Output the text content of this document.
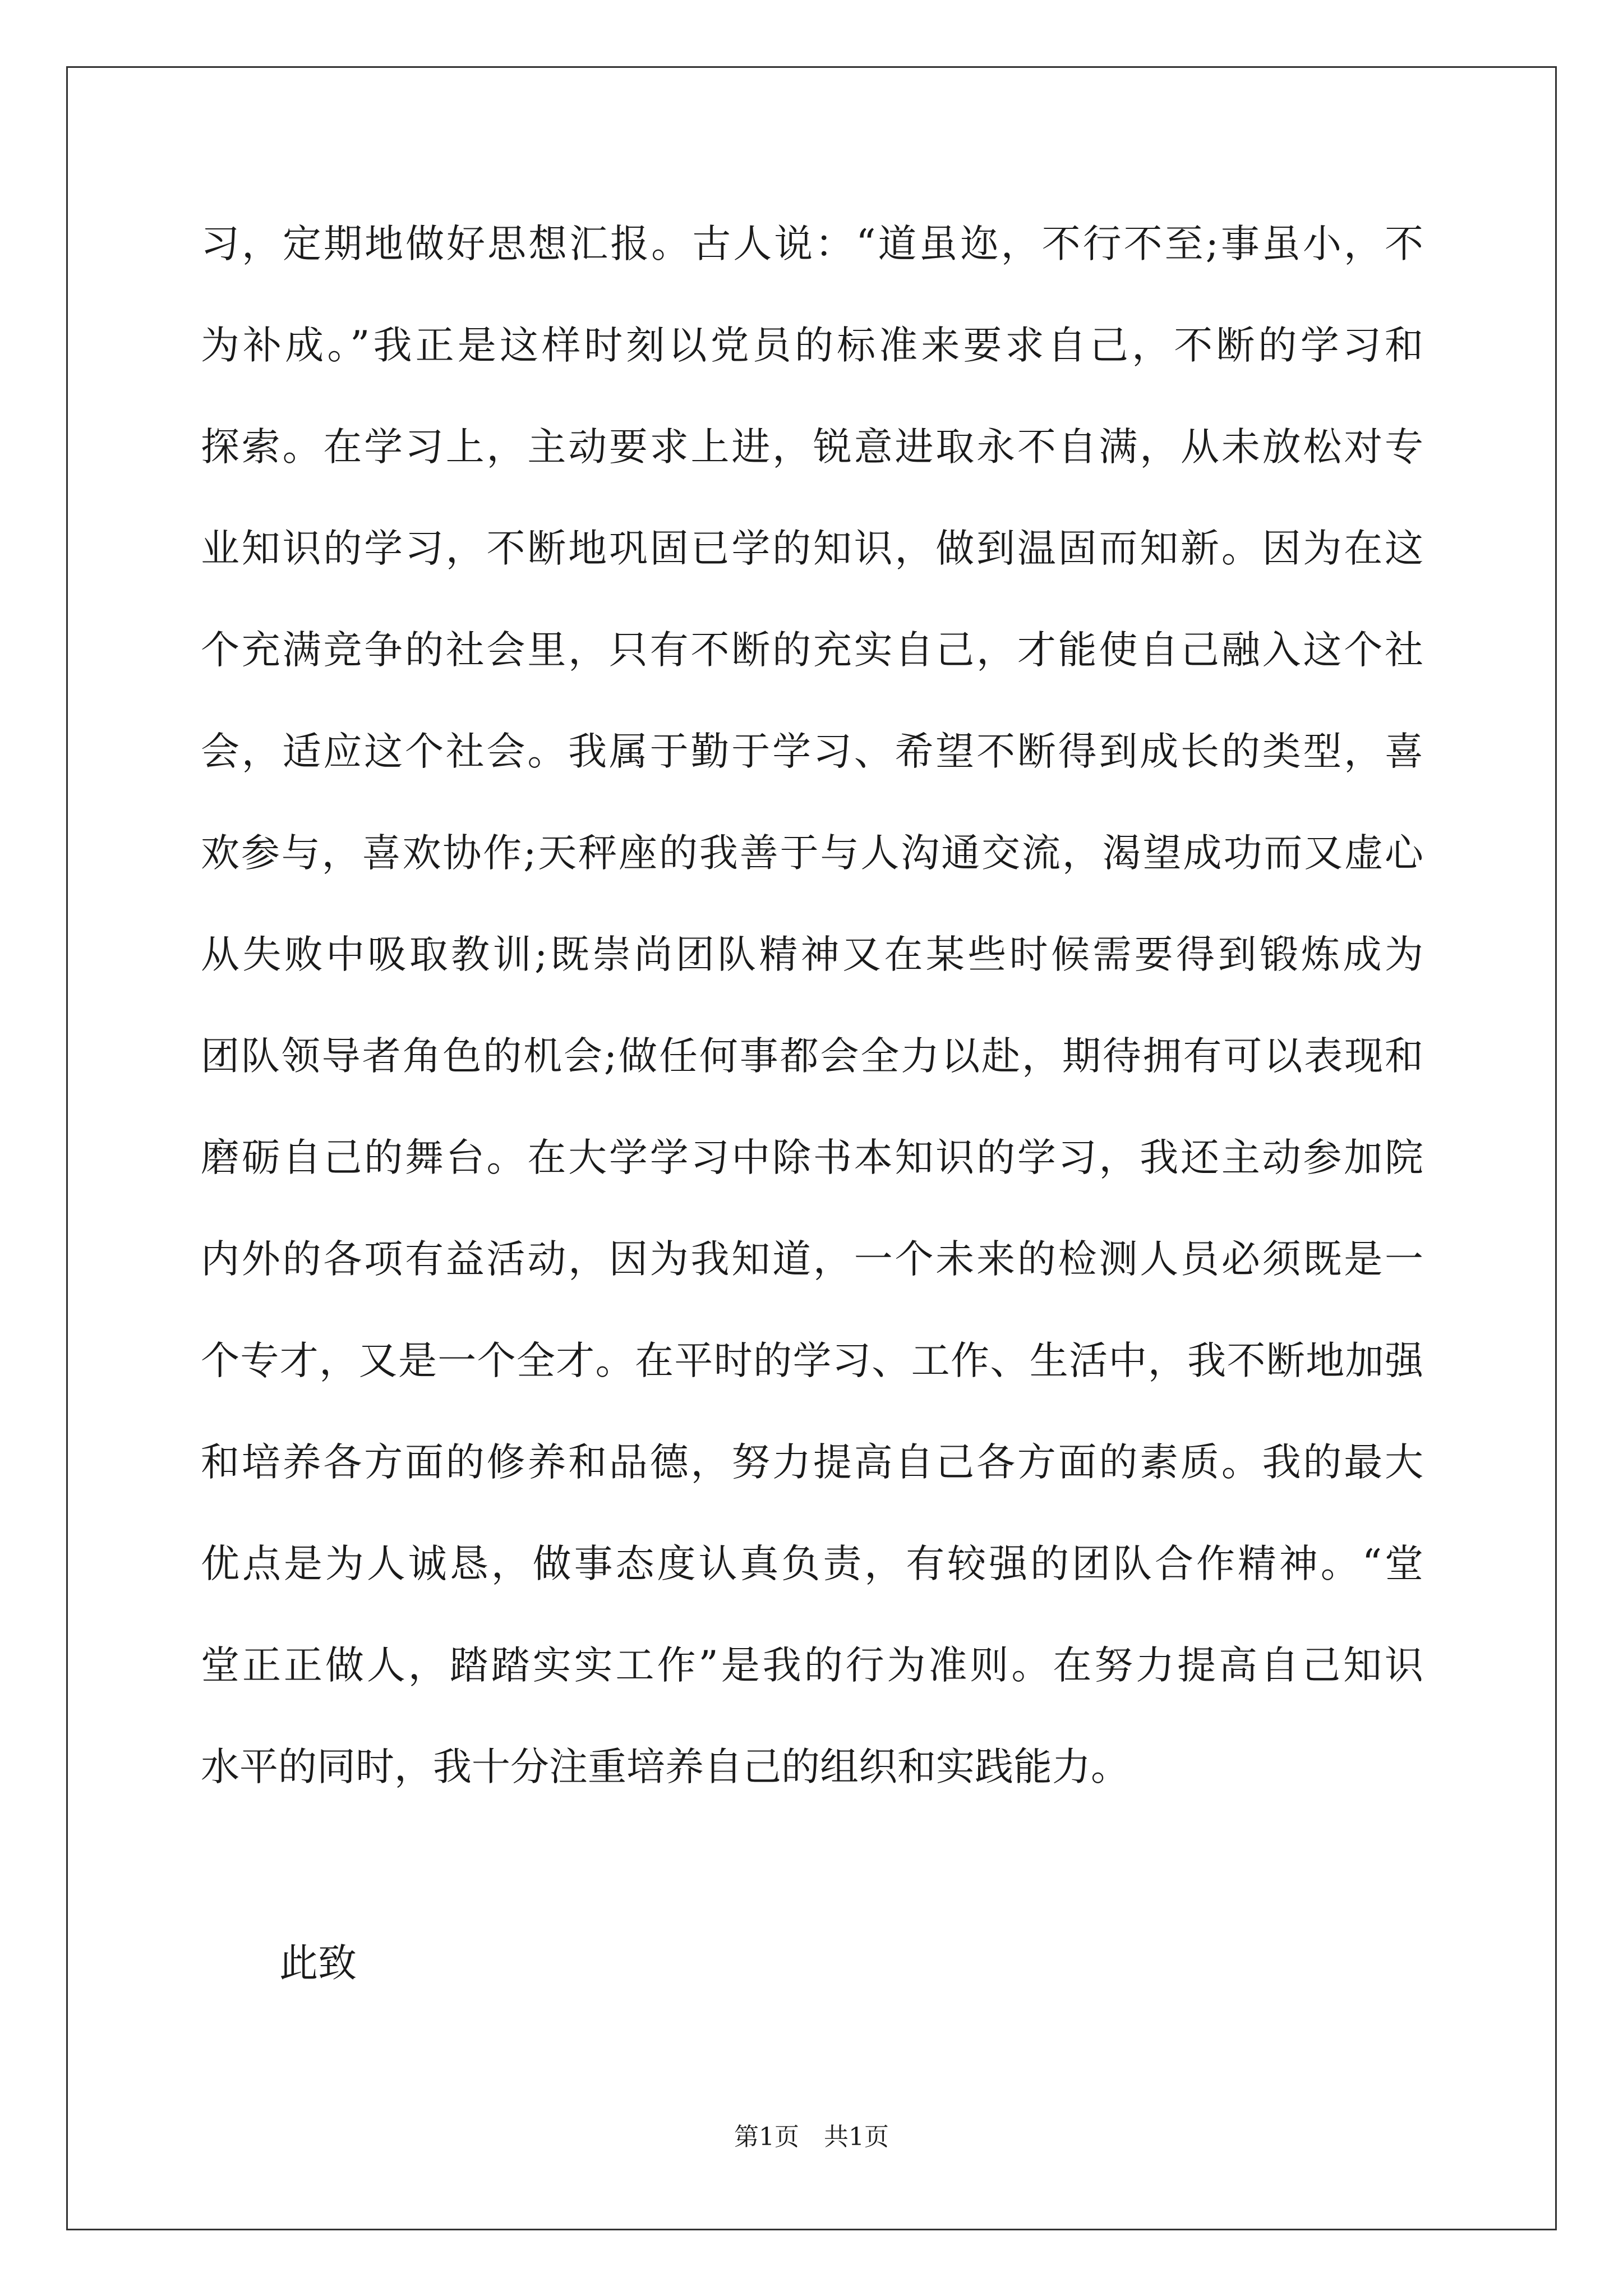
习，定期地做好思想汇报。古人说：“道虽迩，不行不至;事虽小，不
为补成。”我正是这样时刻以党员的标准来要求自己，不断的学习和
探索。在学习上，主动要求上进，锐意进取永不自满，从未放松对专
业知识的学习，不断地巩固已学的知识，做到温固而知新。因为在这
个充满竞争的社会里，只有不断的充实自己，才能使自己融入这个社
会，适应这个社会。我属于勤于学习、希望不断得到成长的类型，喜
欢参与，喜欢协作;天秤座的我善于与人沟通交流，渴望成功而又虚心
从失败中吸取教训;既崇尚团队精神又在某些时候需要得到锻炼成为
团队领导者角色的机会;做任何事都会全力以赴，期待拥有可以表现和
磨砺自己的舞台。在大学学习中除书本知识的学习，我还主动参加院
内外的各项有益活动，因为我知道，一个未来的检测人员必须既是一
个专才，又是一个全才。在平时的学习、工作、生活中，我不断地加强
和培养各方面的修养和品德，努力提高自己各方面的素质。我的最大
优点是为人诚恳，做事态度认真负责，有较强的团队合作精神。“堂
堂正正做人，踏踏实实工作”是我的行为准则。在努力提高自己知识
水平的同时，我十分注重培养自己的组织和实践能力。
此致
第1页 共1页
